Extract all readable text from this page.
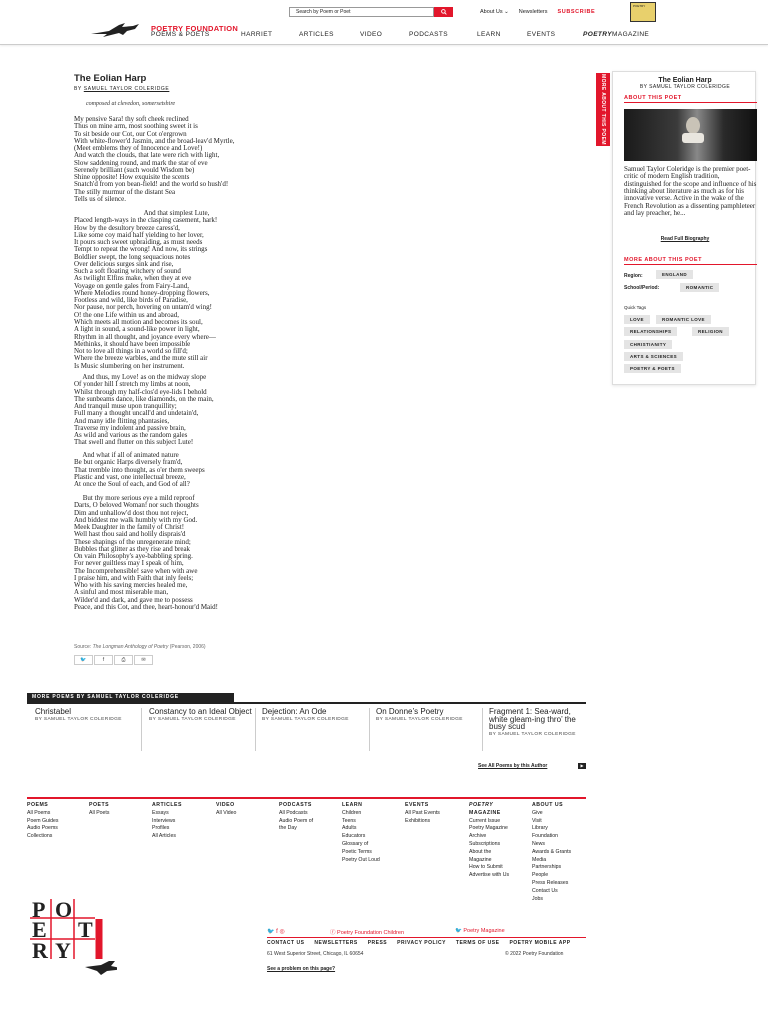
POETRY FOUNDATION
POEMS & POETS	HARRIET	ARTICLES	VIDEO	PODCASTS	LEARN	EVENTS	POETRYMAGAZINE
Search by Poem or Poet	About Us ⌄ Newsletters SUBSCRIBE
POETRY
The Eolian Harp
BY SAMUEL TAYLOR COLERIDGE
composed at clevedon, somersetshire
My pensive Sara! thy soft cheek reclined
Thus on mine arm, most soothing sweet it is
To sit beside our Cot, our Cot o'ergrown
With white-flower'd Jasmin, and the broad-leav'd Myrtle,
(Meet emblems they of Innocence and Love!)
And watch the clouds, that late were rich with light,
Slow saddening round, and mark the star of eve
Serenely brilliant (such would Wisdom be)
Shine opposite! How exquisite the scents
Snatch'd from yon bean-field! and the world so hush'd!
The stilly murmur of the distant Sea
Tells us of silence.
And that simplest Lute,
Placed length-ways in the clasping casement, hark!
How by the desultory breeze caress'd,
Like some coy maid half yielding to her lover,
It pours such sweet upbraiding, as must needs
Tempt to repeat the wrong! And now, its strings
Boldlier swept, the long sequacious notes
Over delicious surges sink and rise,
Such a soft floating witchery of sound
As twilight Elfins make, when they at eve
Voyage on gentle gales from Fairy-Land,
Where Melodies round honey-dropping flowers,
Footless and wild, like birds of Paradise,
Nor pause, nor perch, hovering on untam'd wing!
O! the one Life within us and abroad,
Which meets all motion and becomes its soul,
A light in sound, a sound-like power in light,
Rhythm in all thought, and joyance every where—
Methinks, it should have been impossible
Not to love all things in a world so fill'd;
Where the breeze warbles, and the mute still air
Is Music slumbering on her instrument.
And thus, my Love! as on the midway slope
Of yonder hill I stretch my limbs at noon,
Whilst through my half-clos'd eye-lids I behold
The sunbeams dance, like diamonds, on the main,
And tranquil muse upon tranquillity;
Full many a thought uncall'd and undetain'd,
And many idle flitting phantasies,
Traverse my indolent and passive brain,
As wild and various as the random gales
That swell and flutter on this subject Lute!
And what if all of animated nature
Be but organic Harps diversely fram'd,
That tremble into thought, as o'er them sweeps
Plastic and vast, one intellectual breeze,
At once the Soul of each, and God of all?
But thy more serious eye a mild reproof
Darts, O beloved Woman! nor such thoughts
Dim and unhallow'd dost thou not reject,
And biddest me walk humbly with my God.
Meek Daughter in the family of Christ!
Well hast thou said and holily disprais'd
These shapings of the unregenerate mind;
Bubbles that glitter as they rise and break
On vain Philosophy's aye-babbling spring.
For never guiltless may I speak of him,
The Incomprehensible! save when with awe
I praise him, and with Faith that inly feels;
Who with his saving mercies healed me,
A sinful and most miserable man,
Wilder'd and dark, and gave me to possess
Peace, and this Cot, and thee, heart-honour'd Maid!
Source: The Longman Anthology of Poetry (Pearson, 2006)
🐦	f	⎙	✉
MORE ABOUT THIS POEM ›
The Eolian Harp
BY SAMUEL TAYLOR COLERIDGE
ABOUT THIS POET
Samuel Taylor Coleridge is the premier poet-critic of modern English tradition, distinguished for the scope and influence of his thinking about literature as much as for his innovative verse. Active in the wake of the French Revolution as a dissenting pamphleteer and lay preacher, he...
Read Full Biography
MORE ABOUT THIS POET
Region:	ENGLAND
School/Period:	ROMANTIC
Quick Tags
LOVE	ROMANTIC LOVE
RELATIONSHIPS	RELIGION
CHRISTIANITY
ARTS & SCIENCES
POETRY & POETS
MORE POEMS BY SAMUEL TAYLOR COLERIDGE
Christabel
BY SAMUEL TAYLOR COLERIDGE
Constancy to an Ideal Object
BY SAMUEL TAYLOR COLERIDGE
Dejection: An Ode
BY SAMUEL TAYLOR COLERIDGE
On Donne’s Poetry
BY SAMUEL TAYLOR COLERIDGE
Fragment 1: Sea-ward, white gleam-ing thro’ the busy scud
BY SAMUEL TAYLOR COLERIDGE
See All Poems by this Author	▶
POEMS
All Poems
Poem Guides
Audio Poems
Collections
POETS
All Poets
ARTICLES
Essays
Interviews
Profiles
All Articles
VIDEO
All Video
PODCASTS
All Podcasts
Audio Poem of
the Day
LEARN
Children
Teens
Adults
Educators
Glossary of
Poetic Terms
Poetry Out Loud
EVENTS
All Past Events
Exhibitions
POETRY
MAGAZINE
Current Issue
Poetry Magazine
Archive
Subscriptions
About the
Magazine
How to Submit
Advertise with Us
ABOUT US
Give
Visit
Library
Foundation
News
Awards & Grants
Media
Partnerships
People
Press Releases
Contact Us
Jobs
P O
E T
R Y	FOUNDATION	🐦 f ◎	ⓕ Poetry Foundation Children	🐦 Poetry Magazine
CONTACT US NEWSLETTERS PRESS PRIVACY POLICY TERMS OF USE POETRY MOBILE APP
61 West Superior Street, Chicago, IL 60654	© 2022 Poetry Foundation
See a problem on this page?
